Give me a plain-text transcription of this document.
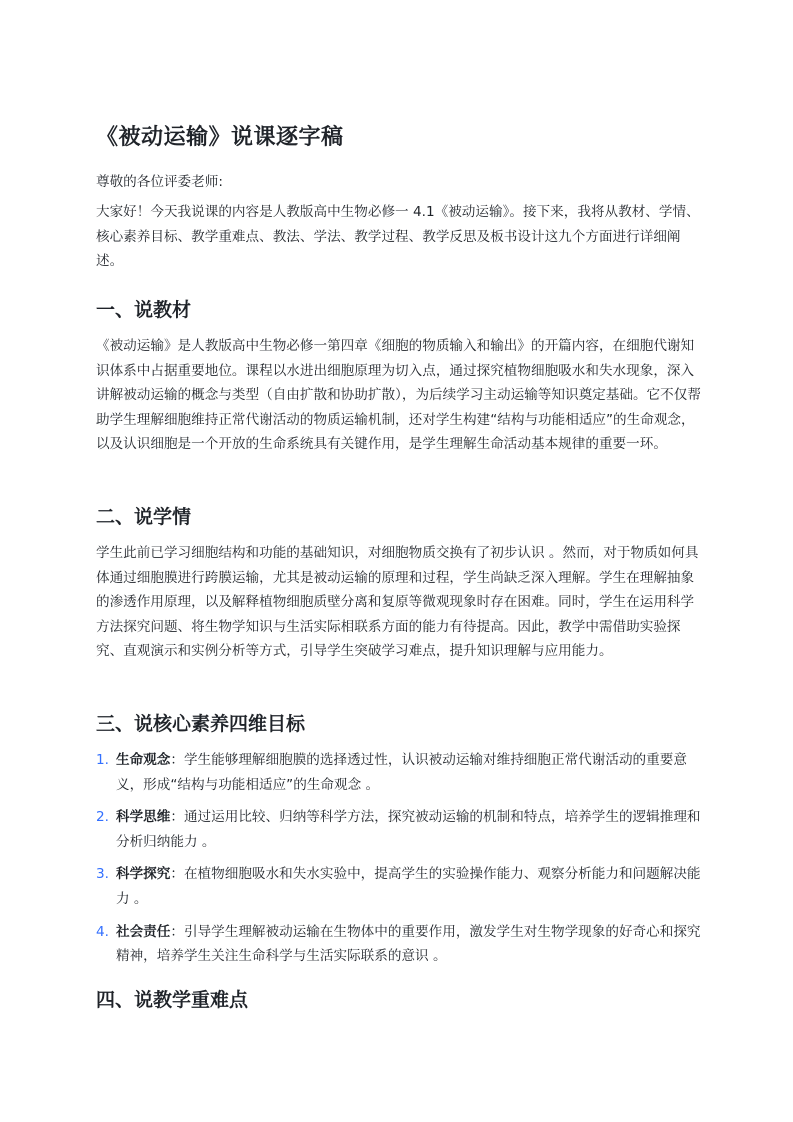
《被动运输》说课逐字稿

尊敬的各位评委老师:

大家好！今天我说课的内容是人教版高中生物必修一 4.1《被动运输》。接下来，我将从教材、学情、核心素养目标、教学重难点、教法、学法、教学过程、教学反思及板书设计这九个方面进行详细阐述。

一、说教材

《被动运输》是人教版高中生物必修一第四章《细胞的物质输入和输出》的开篇内容，在细胞代谢知识体系中占据重要地位。课程以水进出细胞原理为切入点，通过探究植物细胞吸水和失水现象，深入讲解被动运输的概念与类型（自由扩散和协助扩散），为后续学习主动运输等知识奠定基础。它不仅帮助学生理解细胞维持正常代谢活动的物质运输机制，还对学生构建“结构与功能相适应”的生命观念，以及认识细胞是一个开放的生命系统具有关键作用，是学生理解生命活动基本规律的重要一环。

二、说学情

学生此前已学习细胞结构和功能的基础知识，对细胞物质交换有了初步认识 。然而，对于物质如何具体通过细胞膜进行跨膜运输，尤其是被动运输的原理和过程，学生尚缺乏深入理解。学生在理解抽象的渗透作用原理，以及解释植物细胞质壁分离和复原等微观现象时存在困难。同时，学生在运用科学方法探究问题、将生物学知识与生活实际相联系方面的能力有待提高。因此，教学中需借助实验探究、直观演示和实例分析等方式，引导学生突破学习难点，提升知识理解与应用能力。

三、说核心素养四维目标
1. 生命观念：学生能够理解细胞膜的选择透过性，认识被动运输对维持细胞正常代谢活动的重要意义，形成“结构与功能相适应”的生命观念 。
2. 科学思维：通过运用比较、归纳等科学方法，探究被动运输的机制和特点，培养学生的逻辑推理和分析归纳能力 。
3. 科学探究：在植物细胞吸水和失水实验中，提高学生的实验操作能力、观察分析能力和问题解决能力 。
4. 社会责任：引导学生理解被动运输在生物体中的重要作用，激发学生对生物学现象的好奇心和探究精神，培养学生关注生命科学与生活实际联系的意识 。
四、说教学重难点
